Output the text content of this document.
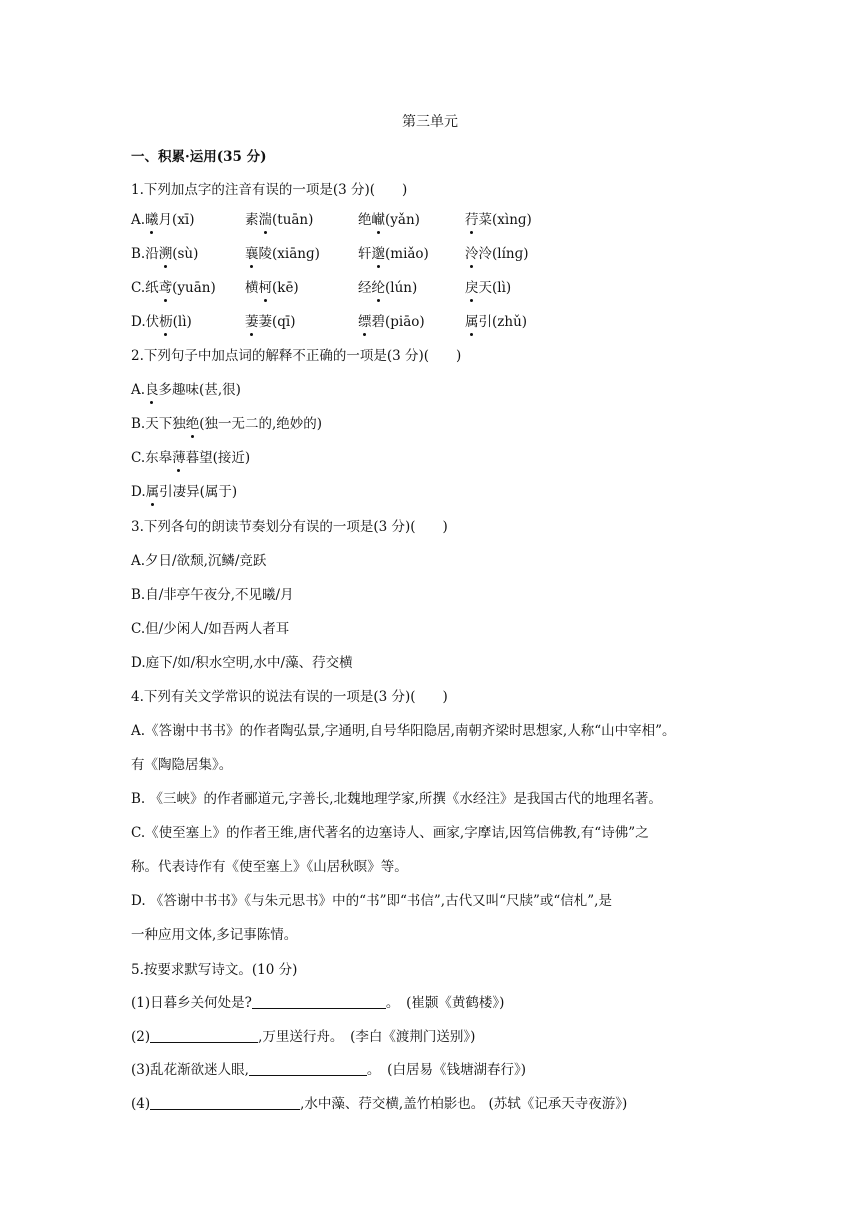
第三单元
一、积累·运用(35 分)
1.下列加点字的注音有误的一项是(3 分)(　　)
A.曦月(xī)	素湍(tuān)	绝𪩘(yǎn)	荇菜(xìnɡ)
B.沿溯(sù)	襄陵(xiānɡ)	轩邈(miǎo)	泠泠(línɡ)
C.纸鸢(yuān) 横柯(kē)	经纶(lún)	戾天(lì)
D.伏枥(lì)	萋萋(qī)	缥碧(piāo)	属引(zhǔ)
2.下列句子中加点词的解释不正确的一项是(3 分)(　　)
A.良多趣味(甚,很)
B.天下独绝(独一无二的,绝妙的)
C.东皋薄暮望(接近)
D.属引凄异(属于)
3.下列各句的朗读节奏划分有误的一项是(3 分)(　　)
A.夕日/欲颓,沉鳞/竞跃
B.自/非亭午夜分,不见曦/月
C.但/少闲人/如吾两人者耳
D.庭下/如/积水空明,水中/藻、荇交横
4.下列有关文学常识的说法有误的一项是(3 分)(　　)
A.《答谢中书书》的作者陶弘景,字通明,自号华阳隐居,南朝齐梁时思想家,人称“山中宰相”。
有《陶隐居集》。
B. 《三峡》的作者郦道元,字善长,北魏地理学家,所撰《水经注》是我国古代的地理名著。
C.《使至塞上》的作者王维,唐代著名的边塞诗人、画家,字摩诘,因笃信佛教,有“诗佛”之
称。代表诗作有《使至塞上》《山居秋暝》等。
D. 《答谢中书书》《与朱元思书》中的“书”即“书信”,古代又叫“尺牍”或“信札”,是
一种应用文体,多记事陈情。
5.按要求默写诗文。(10 分)
(1)日暮乡关何处是?	。　(崔颢《黄鹤楼》)
(2)	,万里送行舟。　(李白《渡荆门送别》)
(3)乱花渐欲迷人眼,	。　(白居易《钱塘湖春行》)
(4)	,水中藻、荇交横,盖竹柏影也。 (苏轼《记承天寺夜游》)
